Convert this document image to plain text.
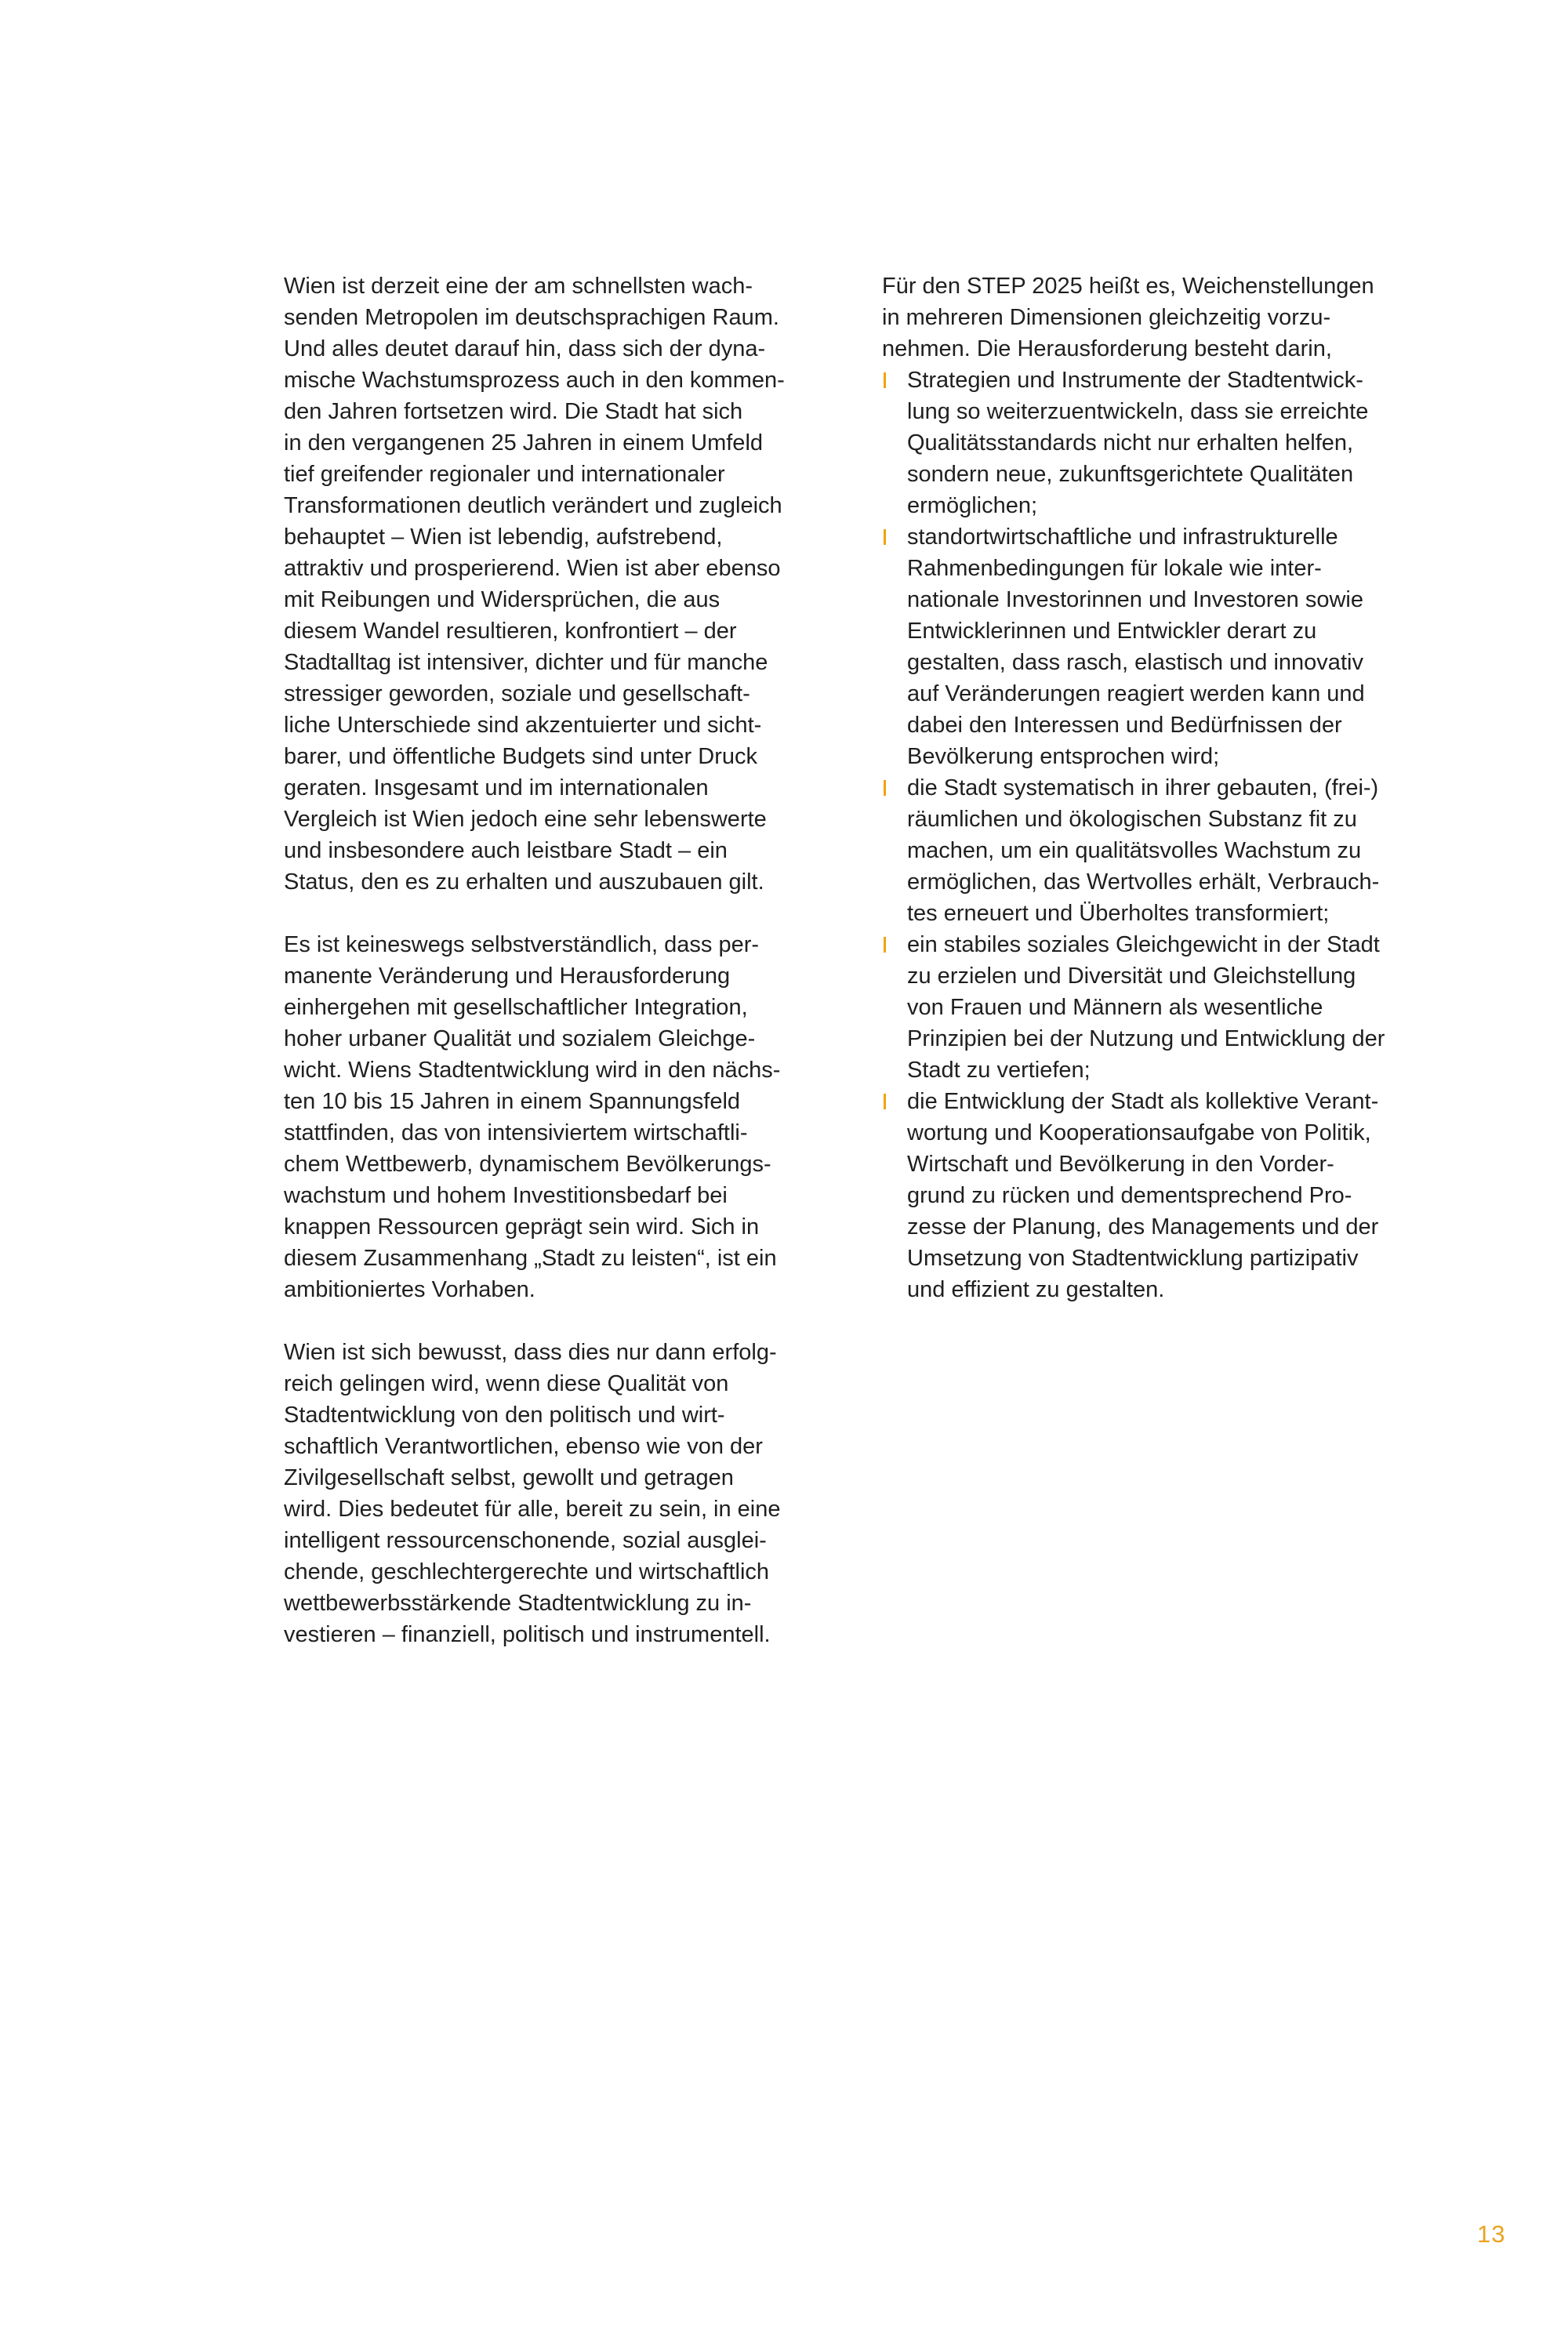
Wien ist derzeit eine der am schnellsten wach-
senden Metropolen im deutschsprachigen Raum.
Und alles deutet darauf hin, dass sich der dyna-
mische Wachstumsprozess auch in den kommen-
den Jahren fortsetzen wird. Die Stadt hat sich
in den vergangenen 25 Jahren in einem Umfeld
tief greifender regionaler und internationaler
Transformationen deutlich verändert und zugleich
behauptet – Wien ist lebendig, aufstrebend,
attraktiv und prosperierend. Wien ist aber ebenso
mit Reibungen und Widersprüchen, die aus
diesem Wandel resultieren, konfrontiert – der
Stadtalltag ist intensiver, dichter und für manche
stressiger geworden, soziale und gesellschaft-
liche Unterschiede sind akzentuierter und sicht-
barer, und öffentliche Budgets sind unter Druck
geraten. Insgesamt und im internationalen
Vergleich ist Wien jedoch eine sehr lebenswerte
und insbesondere auch leistbare Stadt – ein
Status, den es zu erhalten und auszubauen gilt.
Es ist keineswegs selbstverständlich, dass per-
manente Veränderung und Herausforderung
einhergehen mit gesellschaftlicher Integration,
hoher urbaner Qualität und sozialem Gleichge-
wicht. Wiens Stadtentwicklung wird in den nächs-
ten 10 bis 15 Jahren in einem Spannungsfeld
stattfinden, das von intensiviertem wirtschaftli-
chem Wettbewerb, dynamischem Bevölkerungs-
wachstum und hohem Investitionsbedarf bei
knappen Ressourcen geprägt sein wird. Sich in
diesem Zusammenhang „Stadt zu leisten“, ist ein
ambitioniertes Vorhaben.
Wien ist sich bewusst, dass dies nur dann erfolg-
reich gelingen wird, wenn diese Qualität von
Stadtentwicklung von den politisch und wirt-
schaftlich Verantwortlichen, ebenso wie von der
Zivilgesellschaft selbst, gewollt und getragen
wird. Dies bedeutet für alle, bereit zu sein, in eine
intelligent ressourcenschonende, sozial ausglei-
chende, geschlechtergerechte und wirtschaftlich
wettbewerbsstärkende Stadtentwicklung zu in-
vestieren – finanziell, politisch und instrumentell.
Für den STEP 2025 heißt es, Weichenstellungen
in mehreren Dimensionen gleichzeitig vorzu-
nehmen. Die Herausforderung besteht darin,
Strategien und Instrumente der Stadtentwick-
lung so weiterzuentwickeln, dass sie erreichte
Qualitätsstandards nicht nur erhalten helfen,
sondern neue, zukunftsgerichtete Qualitäten
ermöglichen;
standortwirtschaftliche und infrastrukturelle
Rahmenbedingungen für lokale wie inter-
nationale Investorinnen und Investoren sowie
Entwicklerinnen und Entwickler derart zu
gestalten, dass rasch, elastisch und innovativ
auf Veränderungen reagiert werden kann und
dabei den Interessen und Bedürfnissen der
Bevölkerung entsprochen wird;
die Stadt systematisch in ihrer gebauten, (frei-)
räumlichen und ökologischen Substanz fit zu
machen, um ein qualitätsvolles Wachstum zu
ermöglichen, das Wertvolles erhält, Verbrauch-
tes erneuert und Überholtes transformiert;
ein stabiles soziales Gleichgewicht in der Stadt
zu erzielen und Diversität und Gleichstellung
von Frauen und Männern als wesentliche
Prinzipien bei der Nutzung und Entwicklung der
Stadt zu vertiefen;
die Entwicklung der Stadt als kollektive Verant-
wortung und Kooperationsaufgabe von Politik,
Wirtschaft und Bevölkerung in den Vorder-
grund zu rücken und dementsprechend Pro-
zesse der Planung, des Managements und der
Umsetzung von Stadtentwicklung partizipativ
und effizient zu gestalten.
13
